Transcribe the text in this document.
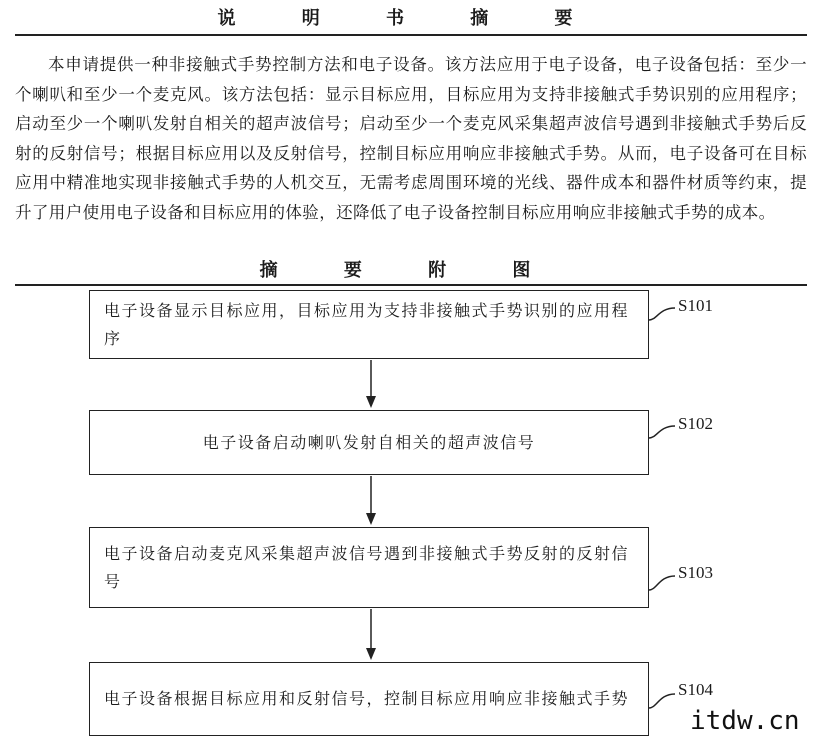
说 明 书 摘 要
本申请提供一种非接触式手势控制方法和电子设备。该方法应用于电子设备，电子设备包括：至少一个喇叭和至少一个麦克风。该方法包括：显示目标应用，目标应用为支持非接触式手势识别的应用程序；启动至少一个喇叭发射自相关的超声波信号；启动至少一个麦克风采集超声波信号遇到非接触式手势后反射的反射信号；根据目标应用以及反射信号，控制目标应用响应非接触式手势。从而，电子设备可在目标应用中精准地实现非接触式手势的人机交互，无需考虑周围环境的光线、器件成本和器件材质等约束，提升了用户使用电子设备和目标应用的体验，还降低了电子设备控制目标应用响应非接触式手势的成本。
摘 要 附 图
电子设备显示目标应用，目标应用为支持非接触式手势识别的应用程序
S101
电子设备启动喇叭发射自相关的超声波信号
S102
电子设备启动麦克风采集超声波信号遇到非接触式手势反射的反射信号	S103
电子设备根据目标应用和反射信号，控制目标应用响应非接触式手势	S104
itdw.cn
